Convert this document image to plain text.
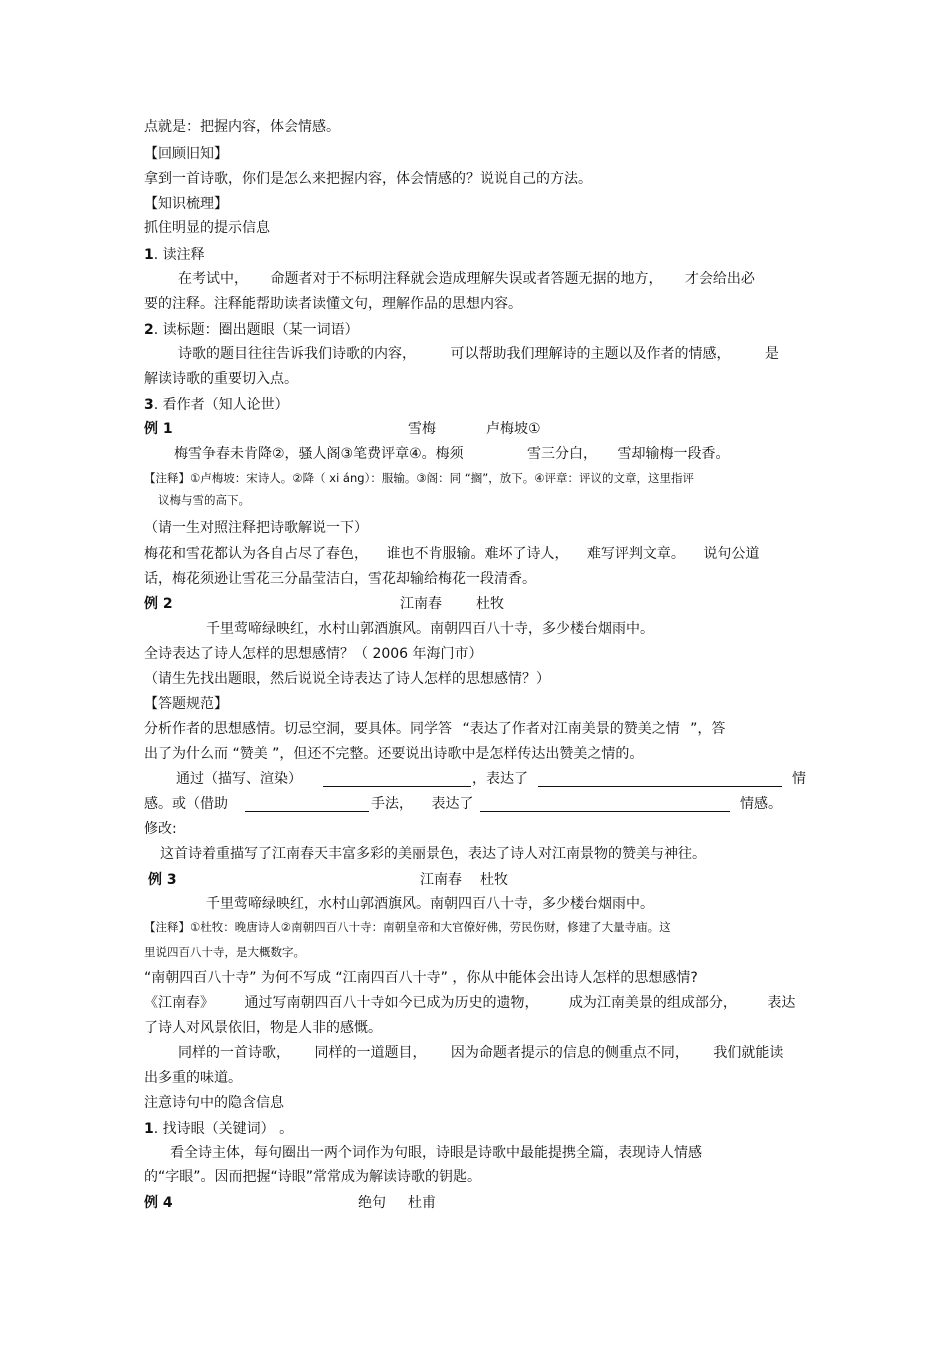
点就是：把握内容，体会情感。
【回顾旧知】
拿到一首诗歌，你们是怎么来把握内容，体会情感的？说说自己的方法。
【知识梳理】
抓住明显的提示信息
1. 读注释
在考试中， 命题者对于不标明注释就会造成理解失误或者答题无据的地方， 才会给出必
要的注释。注释能帮助读者读懂文句，理解作品的思想内容。
2. 读标题：圈出题眼（某一词语）
诗歌的题目往往告诉我们诗歌的内容， 可以帮助我们理解诗的主题以及作者的情感， 是
解读诗歌的重要切入点。
3. 看作者（知人论世）
例 1	雪梅	卢梅坡①
梅雪争春未肯降②，骚人阁③笔费评章④。梅须	雪三分白， 雪却输梅一段香。
【注释】①卢梅坡：宋诗人。②降（ xi áng）：服输。③阁：同 “搁”，放下。④评章：评议的文章，这里指评
议梅与雪的高下。
（请一生对照注释把诗歌解说一下）
梅花和雪花都认为各自占尽了春色， 谁也不肯服输。难坏了诗人， 难写评判文章。 说句公道
话，梅花须逊让雪花三分晶莹洁白，雪花却输给梅花一段清香。
例 2	江南春 杜牧
千里莺啼绿映红，水村山郭酒旗风。南朝四百八十寺，多少楼台烟雨中。
全诗表达了诗人怎样的思想感情？（ 2006 年海门市）
（请生先找出题眼，然后说说全诗表达了诗人怎样的思想感情？）
【答题规范】
分析作者的思想感情。切忌空洞，要具体。同学答 “表达了作者对江南美景的赞美之情 ”，答
出了为什么而 “赞美 ”，但还不完整。还要说出诗歌中是怎样传达出赞美之情的。
通过（描写、渲染）	，表达了	情
感。或（借助	手法， 表达了	情感。
修改:
这首诗着重描写了江南春天丰富多彩的美丽景色，表达了诗人对江南景物的赞美与神往。
例 3	江南春 杜牧
千里莺啼绿映红，水村山郭酒旗风。南朝四百八十寺，多少楼台烟雨中。
【注释】①杜牧：晚唐诗人②南朝四百八十寺：南朝皇帝和大官僚好佛，劳民伤财，修建了大量寺庙。这
里说四百八十寺，是大概数字。
“南朝四百八十寺” 为何不写成 “江南四百八十寺” ，你从中能体会出诗人怎样的思想感情?
《江南春》 通过写南朝四百八十寺如今已成为历史的遗物， 成为江南美景的组成部分， 表达
了诗人对风景依旧，物是人非的感慨。
同样的一首诗歌， 同样的一道题目， 因为命题者提示的信息的侧重点不同， 我们就能读
出多重的味道。
注意诗句中的隐含信息
1. 找诗眼（关键词） 。
看全诗主体，每句圈出一两个词作为句眼，诗眼是诗歌中最能提携全篇，表现诗人情感
的“字眼”。因而把握“诗眼”常常成为解读诗歌的钥匙。
例 4	绝句 杜甫
